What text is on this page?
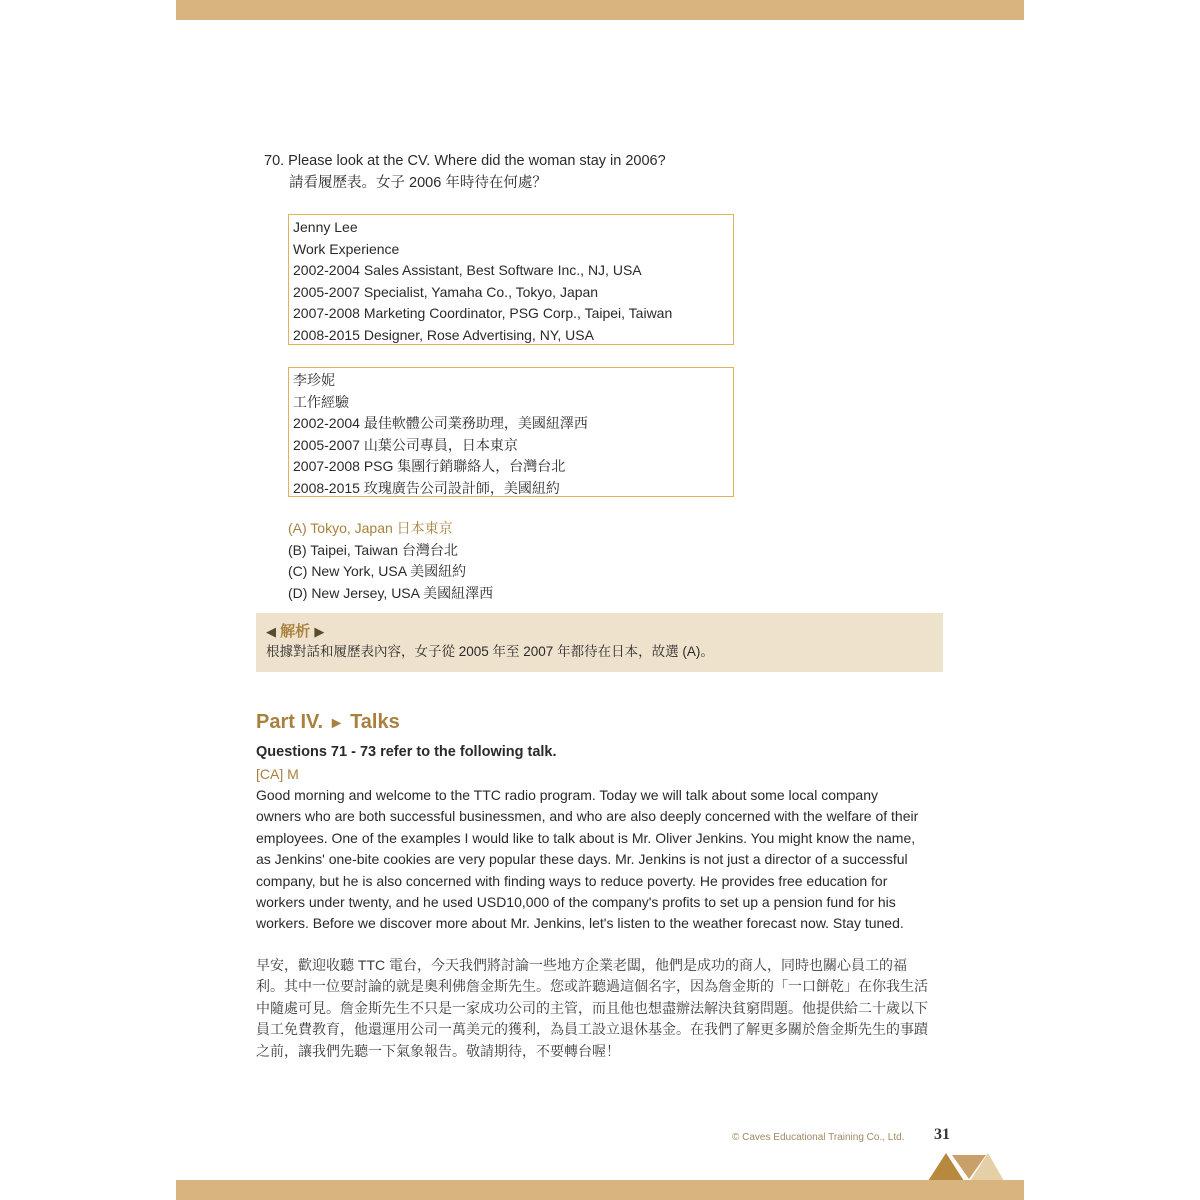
70. Please look at the CV. Where did the woman stay in 2006?
請看履歷表。女子 2006 年時待在何處？
Jenny Lee
Work Experience
2002-2004 Sales Assistant, Best Software Inc., NJ, USA
2005-2007 Specialist, Yamaha Co., Tokyo, Japan
2007-2008 Marketing Coordinator, PSG Corp., Taipei, Taiwan
2008-2015 Designer, Rose Advertising, NY, USA
李珍妮
工作經驗
2002-2004 最佳軟體公司業務助理，美國紐澤西
2005-2007 山葉公司專員，日本東京
2007-2008 PSG 集團行銷聯絡人，台灣台北
2008-2015 玫瑰廣告公司設計師，美國紐約
(A) Tokyo, Japan 日本東京
(B) Taipei, Taiwan 台灣台北
(C) New York, USA 美國紐約
(D) New Jersey, USA 美國紐澤西
◀ 解析 ▶
根據對話和履歷表內容，女子從 2005 年至 2007 年都待在日本，故選 (A)。
Part IV. ► Talks
Questions 71 - 73 refer to the following talk.
[CA] M
Good morning and welcome to the TTC radio program. Today we will talk about some local company
owners who are both successful businessmen, and who are also deeply concerned with the welfare of their
employees. One of the examples I would like to talk about is Mr. Oliver Jenkins. You might know the name,
as Jenkins' one-bite cookies are very popular these days. Mr. Jenkins is not just a director of a successful
company, but he is also concerned with finding ways to reduce poverty. He provides free education for
workers under twenty, and he used USD10,000 of the company's profits to set up a pension fund for his
workers. Before we discover more about Mr. Jenkins, let's listen to the weather forecast now. Stay tuned.
早安，歡迎收聽 TTC 電台，今天我們將討論一些地方企業老闆，他們是成功的商人，同時也關心員工的福
利。其中一位要討論的就是奧利佛詹金斯先生。您或許聽過這個名字，因為詹金斯的「一口餅乾」在你我生活
中隨處可見。詹金斯先生不只是一家成功公司的主管，而且他也想盡辦法解決貧窮問題。他提供給二十歲以下
員工免費教育，他還運用公司一萬美元的獲利，為員工設立退休基金。在我們了解更多關於詹金斯先生的事蹟
之前，讓我們先聽一下氣象報告。敬請期待，不要轉台喔！
© Caves Educational Training Co., Ltd. 31
